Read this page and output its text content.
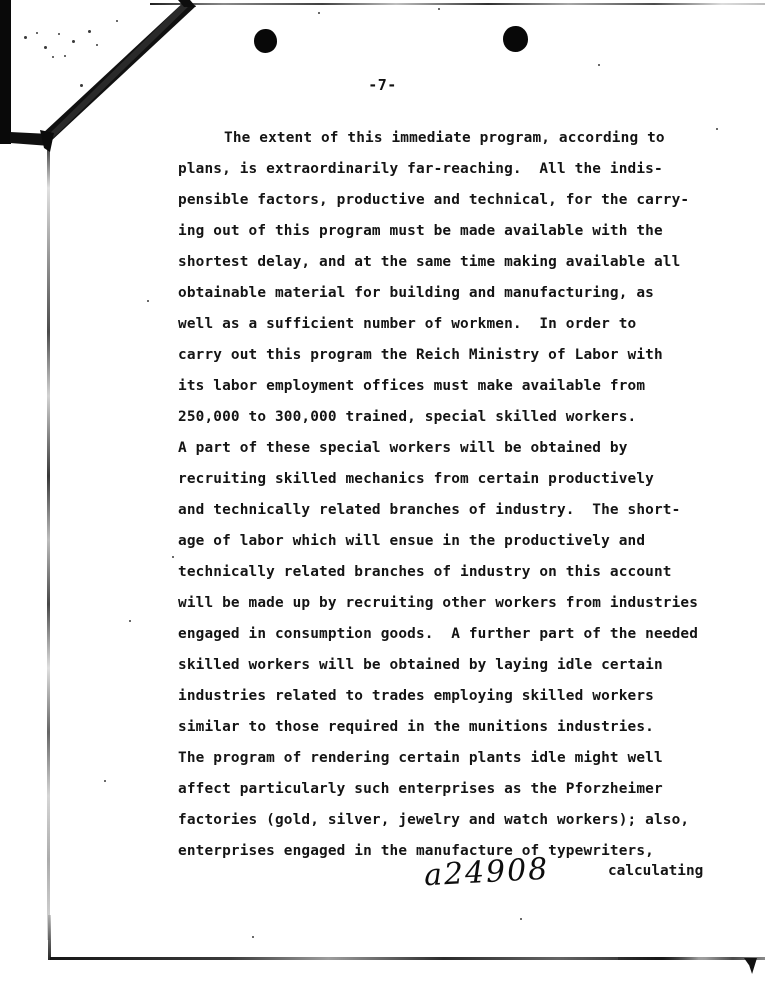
-7-
The extent of this immediate program, according to
plans, is extraordinarily far-reaching.  All the indis-
pensible factors, productive and technical, for the carry-
ing out of this program must be made available with the
shortest delay, and at the same time making available all
obtainable material for building and manufacturing, as
well as a sufficient number of workmen.  In order to
carry out this program the Reich Ministry of Labor with
its labor employment offices must make available from
250,000 to 300,000 trained, special skilled workers.
A part of these special workers will be obtained by
recruiting skilled mechanics from certain productively
and technically related branches of industry.  The short-
age of labor which will ensue in the productively and
technically related branches of industry on this account
will be made up by recruiting other workers from industries
engaged in consumption goods.  A further part of the needed
skilled workers will be obtained by laying idle certain
industries related to trades employing skilled workers
similar to those required in the munitions industries.
The program of rendering certain plants idle might well
affect particularly such enterprises as the Pforzheimer
factories (gold, silver, jewelry and watch workers); also,
enterprises engaged in the manufacture of typewriters,
a24908	calculating
